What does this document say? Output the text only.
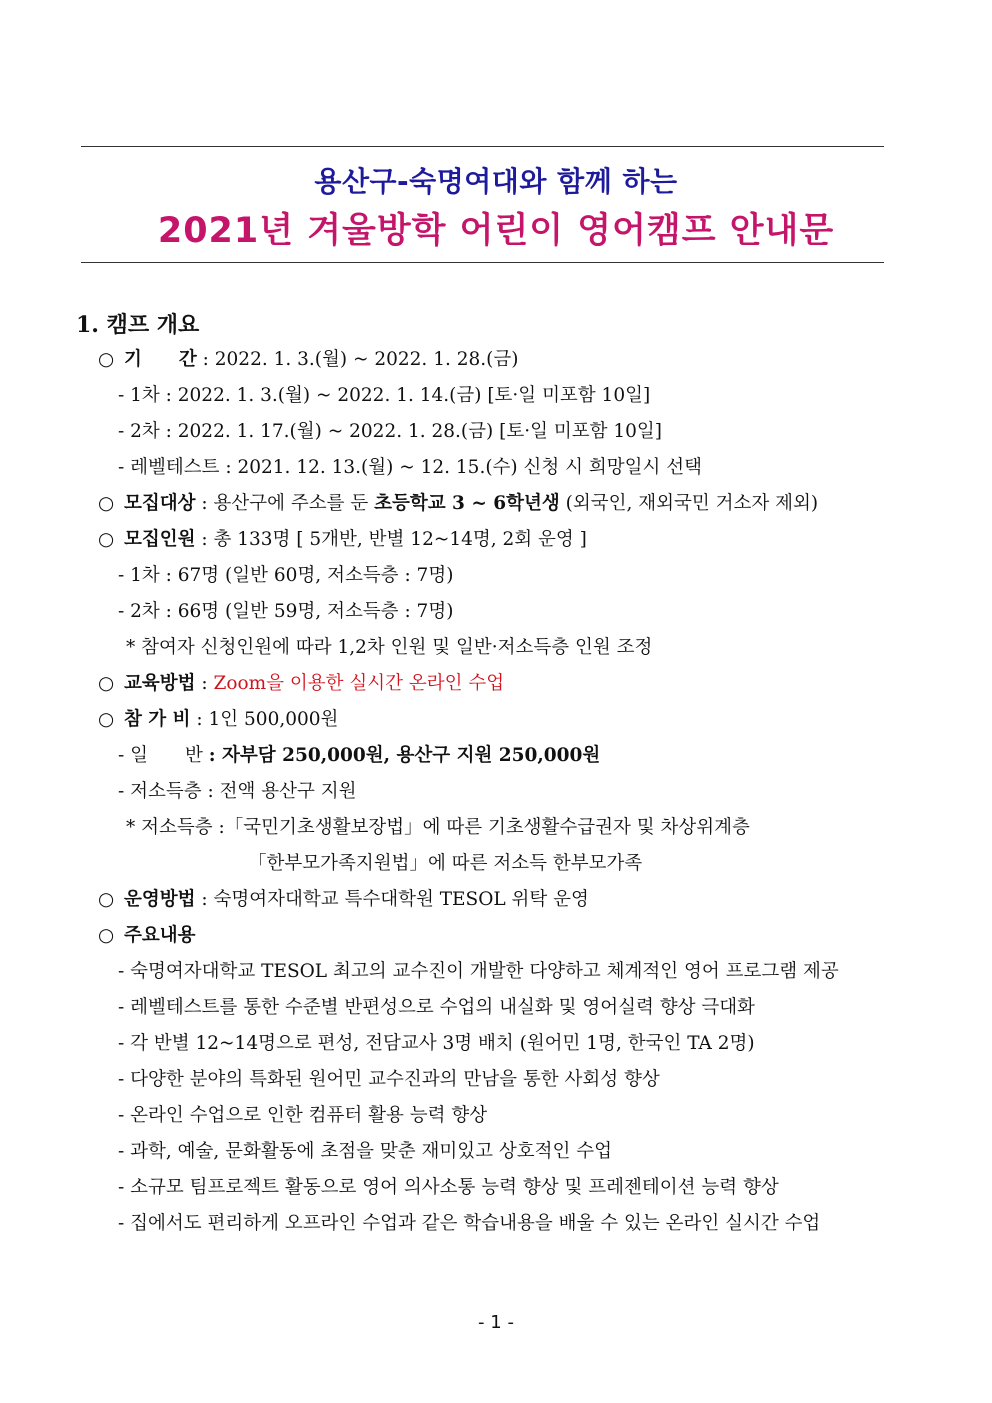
용산구-숙명여대와 함께 하는
2021년 겨울방학 어린이 영어캠프 안내문
1. 캠프 개요
○ 기　　간 : 2022. 1. 3.(월) ~ 2022. 1. 28.(금)
- 1차 : 2022. 1. 3.(월) ~ 2022. 1. 14.(금) [토·일 미포함 10일]
- 2차 : 2022. 1. 17.(월) ~ 2022. 1. 28.(금) [토·일 미포함 10일]
- 레벨테스트 : 2021. 12. 13.(월) ~ 12. 15.(수) 신청 시 희망일시 선택
○ 모집대상 : 용산구에 주소를 둔 초등학교 3 ~ 6학년생 (외국인, 재외국민 거소자 제외)
○ 모집인원 : 총 133명 [ 5개반, 반별 12~14명, 2회 운영 ]
- 1차 : 67명 (일반 60명, 저소득층 : 7명)
- 2차 : 66명 (일반 59명, 저소득층 : 7명)
* 참여자 신청인원에 따라 1,2차 인원 및 일반·저소득층 인원 조정
○ 교육방법 : Zoom을 이용한 실시간 온라인 수업
○ 참 가 비 : 1인 500,000원
- 일　　반 : 자부담 250,000원, 용산구 지원 250,000원
- 저소득층 : 전액 용산구 지원
* 저소득층 :「국민기초생활보장법」에 따른 기초생활수급권자 및 차상위계층
「한부모가족지원법」에 따른 저소득 한부모가족
○ 운영방법 : 숙명여자대학교 특수대학원 TESOL 위탁 운영
○ 주요내용
- 숙명여자대학교 TESOL 최고의 교수진이 개발한 다양하고 체계적인 영어 프로그램 제공
- 레벨테스트를 통한 수준별 반편성으로 수업의 내실화 및 영어실력 향상 극대화
- 각 반별 12~14명으로 편성, 전담교사 3명 배치 (원어민 1명, 한국인 TA 2명)
- 다양한 분야의 특화된 원어민 교수진과의 만남을 통한 사회성 향상
- 온라인 수업으로 인한 컴퓨터 활용 능력 향상
- 과학, 예술, 문화활동에 초점을 맞춘 재미있고 상호적인 수업
- 소규모 팀프로젝트 활동으로 영어 의사소통 능력 향상 및 프레젠테이션 능력 향상
- 집에서도 편리하게 오프라인 수업과 같은 학습내용을 배울 수 있는 온라인 실시간 수업
- 1 -
